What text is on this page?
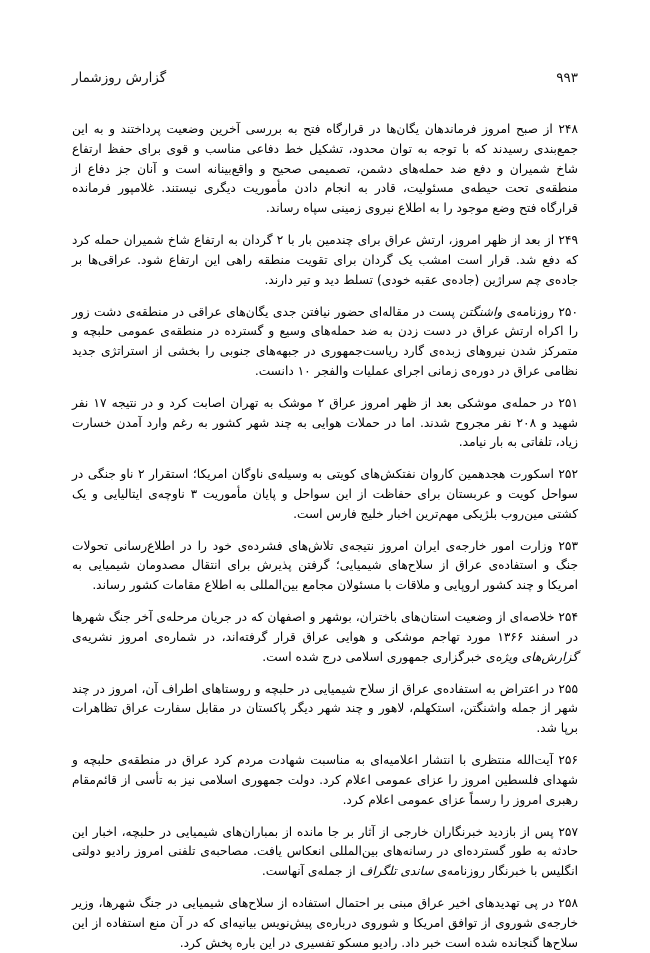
گزارش روزشمار	۹۹۳

۲۴۸ از صبح امروز فرماندهان یگان‌ها در قرارگاه فتح به بررسی آخرین وضعیت پرداختند و به این جمع‌بندی رسیدند که با توجه به توان محدود، تشکیل خط دفاعی مناسب و قوی برای حفظ ارتفاع شاخ شمیران و دفع ضد حمله‌های دشمن، تصمیمی صحیح و واقع‌بینانه است و آنان جز دفاع از منطقه‌ی تحت حیطه‌ی مسئولیت، قادر به انجام دادن مأموریت دیگری نیستند. غلامپور فرمانده قرارگاه فتح وضع موجود را به اطلاع نیروی زمینی سپاه رساند.

۲۴۹ از بعد از ظهر امروز، ارتش عراق برای چندمین بار با ۲ گردان به ارتفاع شاخ شمیران حمله کرد که دفع شد. قرار است امشب یک گردان برای تقویت منطقه راهی این ارتفاع شود. عراقی‌ها بر جاده‌ی چم سراژین (جاده‌ی عقبه خودی) تسلط دید و تیر دارند.

۲۵۰ روزنامه‌ی واشنگتن پست در مقاله‌ای حضور نیافتن جدی یگان‌های عراقی در منطقه‌ی دشت زور را اکراه ارتش عراق در دست زدن به ضد حمله‌های وسیع و گسترده در منطقه‌ی عمومی حلبچه و متمرکز شدن نیروهای زبده‌ی گارد ریاست‌جمهوری در جبهه‌های جنوبی را بخشی از استراتژی جدید نظامی عراق در دوره‌ی زمانی اجرای عملیات والفجر ۱۰ دانست.

۲۵۱ در حمله‌ی موشکی بعد از ظهر امروز عراق ۲ موشک به تهران اصابت کرد و در نتیجه ۱۷ نفر شهید و ۲۰۸ نفر مجروح شدند. اما در حملات هوایی به چند شهر کشور به رغم وارد آمدن خسارت زیاد، تلفاتی به بار نیامد.

۲۵۲ اسکورت هجدهمین کاروان نفتکش‌های کویتی به وسیله‌ی ناوگان امریکا؛ استقرار ۲ ناو جنگی در سواحل کویت و عربستان برای حفاظت از این سواحل و پایان مأموریت ۳ ناوچه‌ی ایتالیایی و یک کشتی مین‌روب بلژیکی مهم‌ترین اخبار خلیج فارس است.

۲۵۳ وزارت امور خارجه‌ی ایران امروز نتیجه‌ی تلاش‌های فشرده‌ی خود را در اطلاع‌رسانی تحولات جنگ و استفاده‌ی عراق از سلاح‌های شیمیایی؛ گرفتن پذیرش برای انتقال مصدومان شیمیایی به امریکا و چند کشور اروپایی و ملاقات با مسئولان مجامع بین‌المللی به اطلاع مقامات کشور رساند.

۲۵۴ خلاصه‌ای از وضعیت استان‌های باختران، بوشهر و اصفهان که در جریان مرحله‌ی آخر جنگ شهرها در اسفند ۱۳۶۶ مورد تهاجم موشکی و هوایی عراق قرار گرفته‌اند، در شماره‌ی امروز نشریه‌ی گزارش‌های ویژه‌ی خبرگزاری جمهوری اسلامی درج شده است.

۲۵۵ در اعتراض به استفاده‌ی عراق از سلاح شیمیایی در حلبچه و روستاهای اطراف آن، امروز در چند شهر از جمله واشنگتن، استکهلم، لاهور و چند شهر دیگر پاکستان در مقابل سفارت عراق تظاهرات برپا شد.

۲۵۶ آیت‌الله منتظری با انتشار اعلامیه‌ای به مناسبت شهادت مردم کرد عراق در منطقه‌ی حلبچه و شهدای فلسطین امروز را عزای عمومی اعلام کرد. دولت جمهوری اسلامی نیز به تأسی از قائم‌مقام رهبری امروز را رسماً عزای عمومی اعلام کرد.

۲۵۷ پس از بازدید خبرنگاران خارجی از آثار بر جا مانده از بمباران‌های شیمیایی در حلبچه، اخبار این حادثه به طور گسترده‌ای در رسانه‌های بین‌المللی انعکاس یافت. مصاحبه‌ی تلفنی امروز رادیو دولتی انگلیس با خبرنگار روزنامه‌ی ساندی تلگراف از جمله‌ی آنهاست.

۲۵۸ در پی تهدیدهای اخیر عراق مبنی بر احتمال استفاده از سلاح‌های شیمیایی در جنگ شهرها، وزیر خارجه‌ی شوروی از توافق امریکا و شوروی درباره‌ی پیش‌نویس بیانیه‌ای که در آن منع استفاده از این سلاح‌ها گنجانده شده است خبر داد. رادیو مسکو تفسیری در این باره پخش کرد.
